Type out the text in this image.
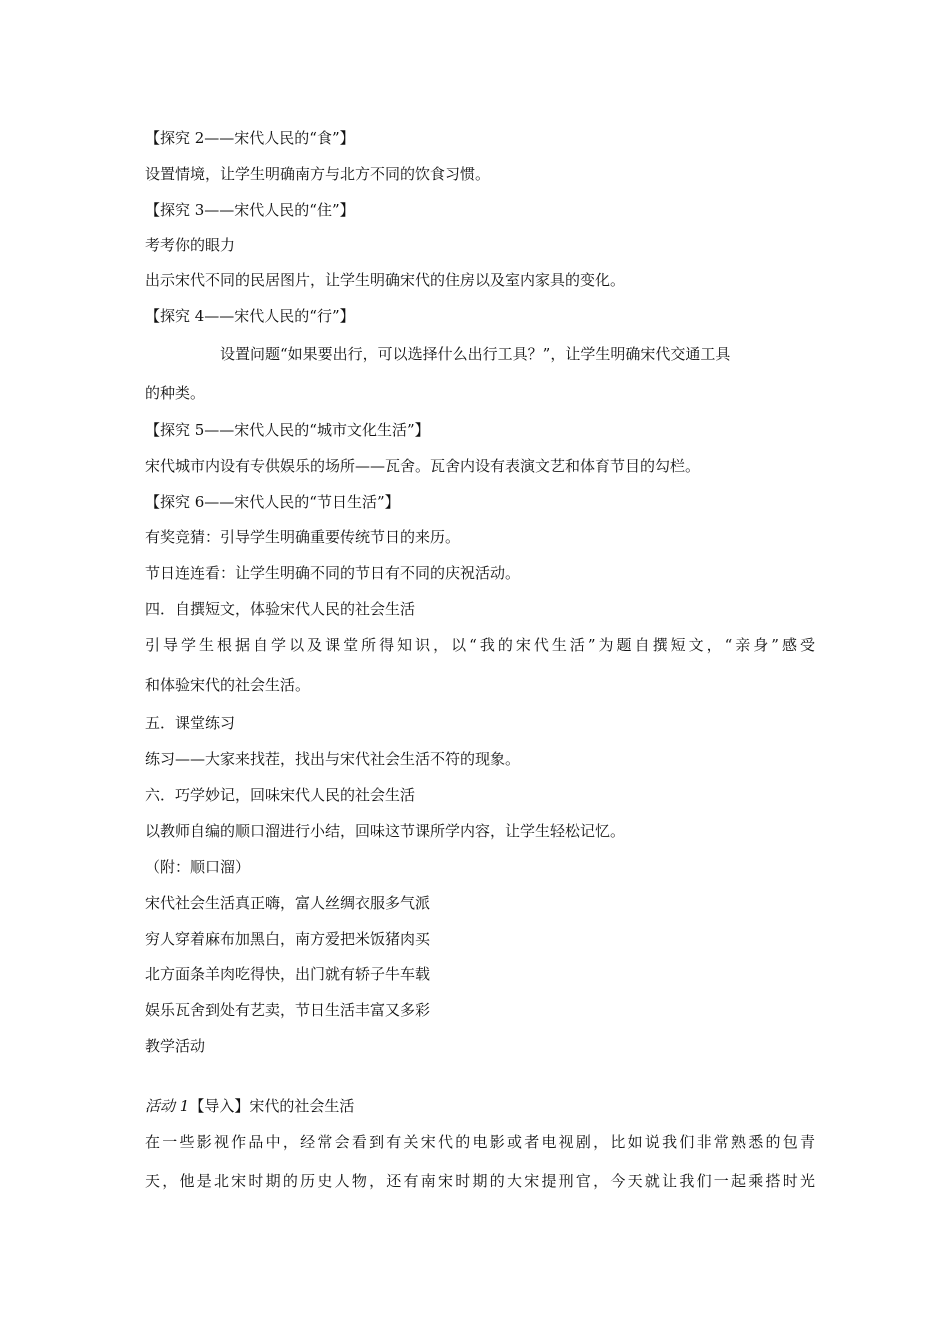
【探究 2——宋代人民的“食”】
设置情境，让学生明确南方与北方不同的饮食习惯。
【探究 3——宋代人民的“住”】
考考你的眼力
出示宋代不同的民居图片，让学生明确宋代的住房以及室内家具的变化。
【探究 4——宋代人民的“行”】
设置问题“如果要出行，可以选择什么出行工具？”，让学生明确宋代交通工具
的种类。
【探究 5——宋代人民的“城市文化生活”】
宋代城市内设有专供娱乐的场所——瓦舍。瓦舍内设有表演文艺和体育节目的勾栏。
【探究 6——宋代人民的“节日生活”】
有奖竞猜：引导学生明确重要传统节日的来历。
节日连连看：让学生明确不同的节日有不同的庆祝活动。
四．自撰短文，体验宋代人民的社会生活
引导学生根据自学以及课堂所得知识，以“我的宋代生活”为题自撰短文，“亲身”感受
和体验宋代的社会生活。
五．课堂练习
练习——大家来找茬，找出与宋代社会生活不符的现象。
六．巧学妙记，回味宋代人民的社会生活
以教师自编的顺口溜进行小结，回味这节课所学内容，让学生轻松记忆。
（附：顺口溜）
宋代社会生活真正嗨，富人丝绸衣服多气派
穷人穿着麻布加黑白，南方爱把米饭猪肉买
北方面条羊肉吃得快，出门就有轿子牛车载
娱乐瓦舍到处有艺卖，节日生活丰富又多彩
教学活动
活动 1【导入】宋代的社会生活
在一些影视作品中，经常会看到有关宋代的电影或者电视剧，比如说我们非常熟悉的包青
天，他是北宋时期的历史人物，还有南宋时期的大宋提刑官，今天就让我们一起乘搭时光
